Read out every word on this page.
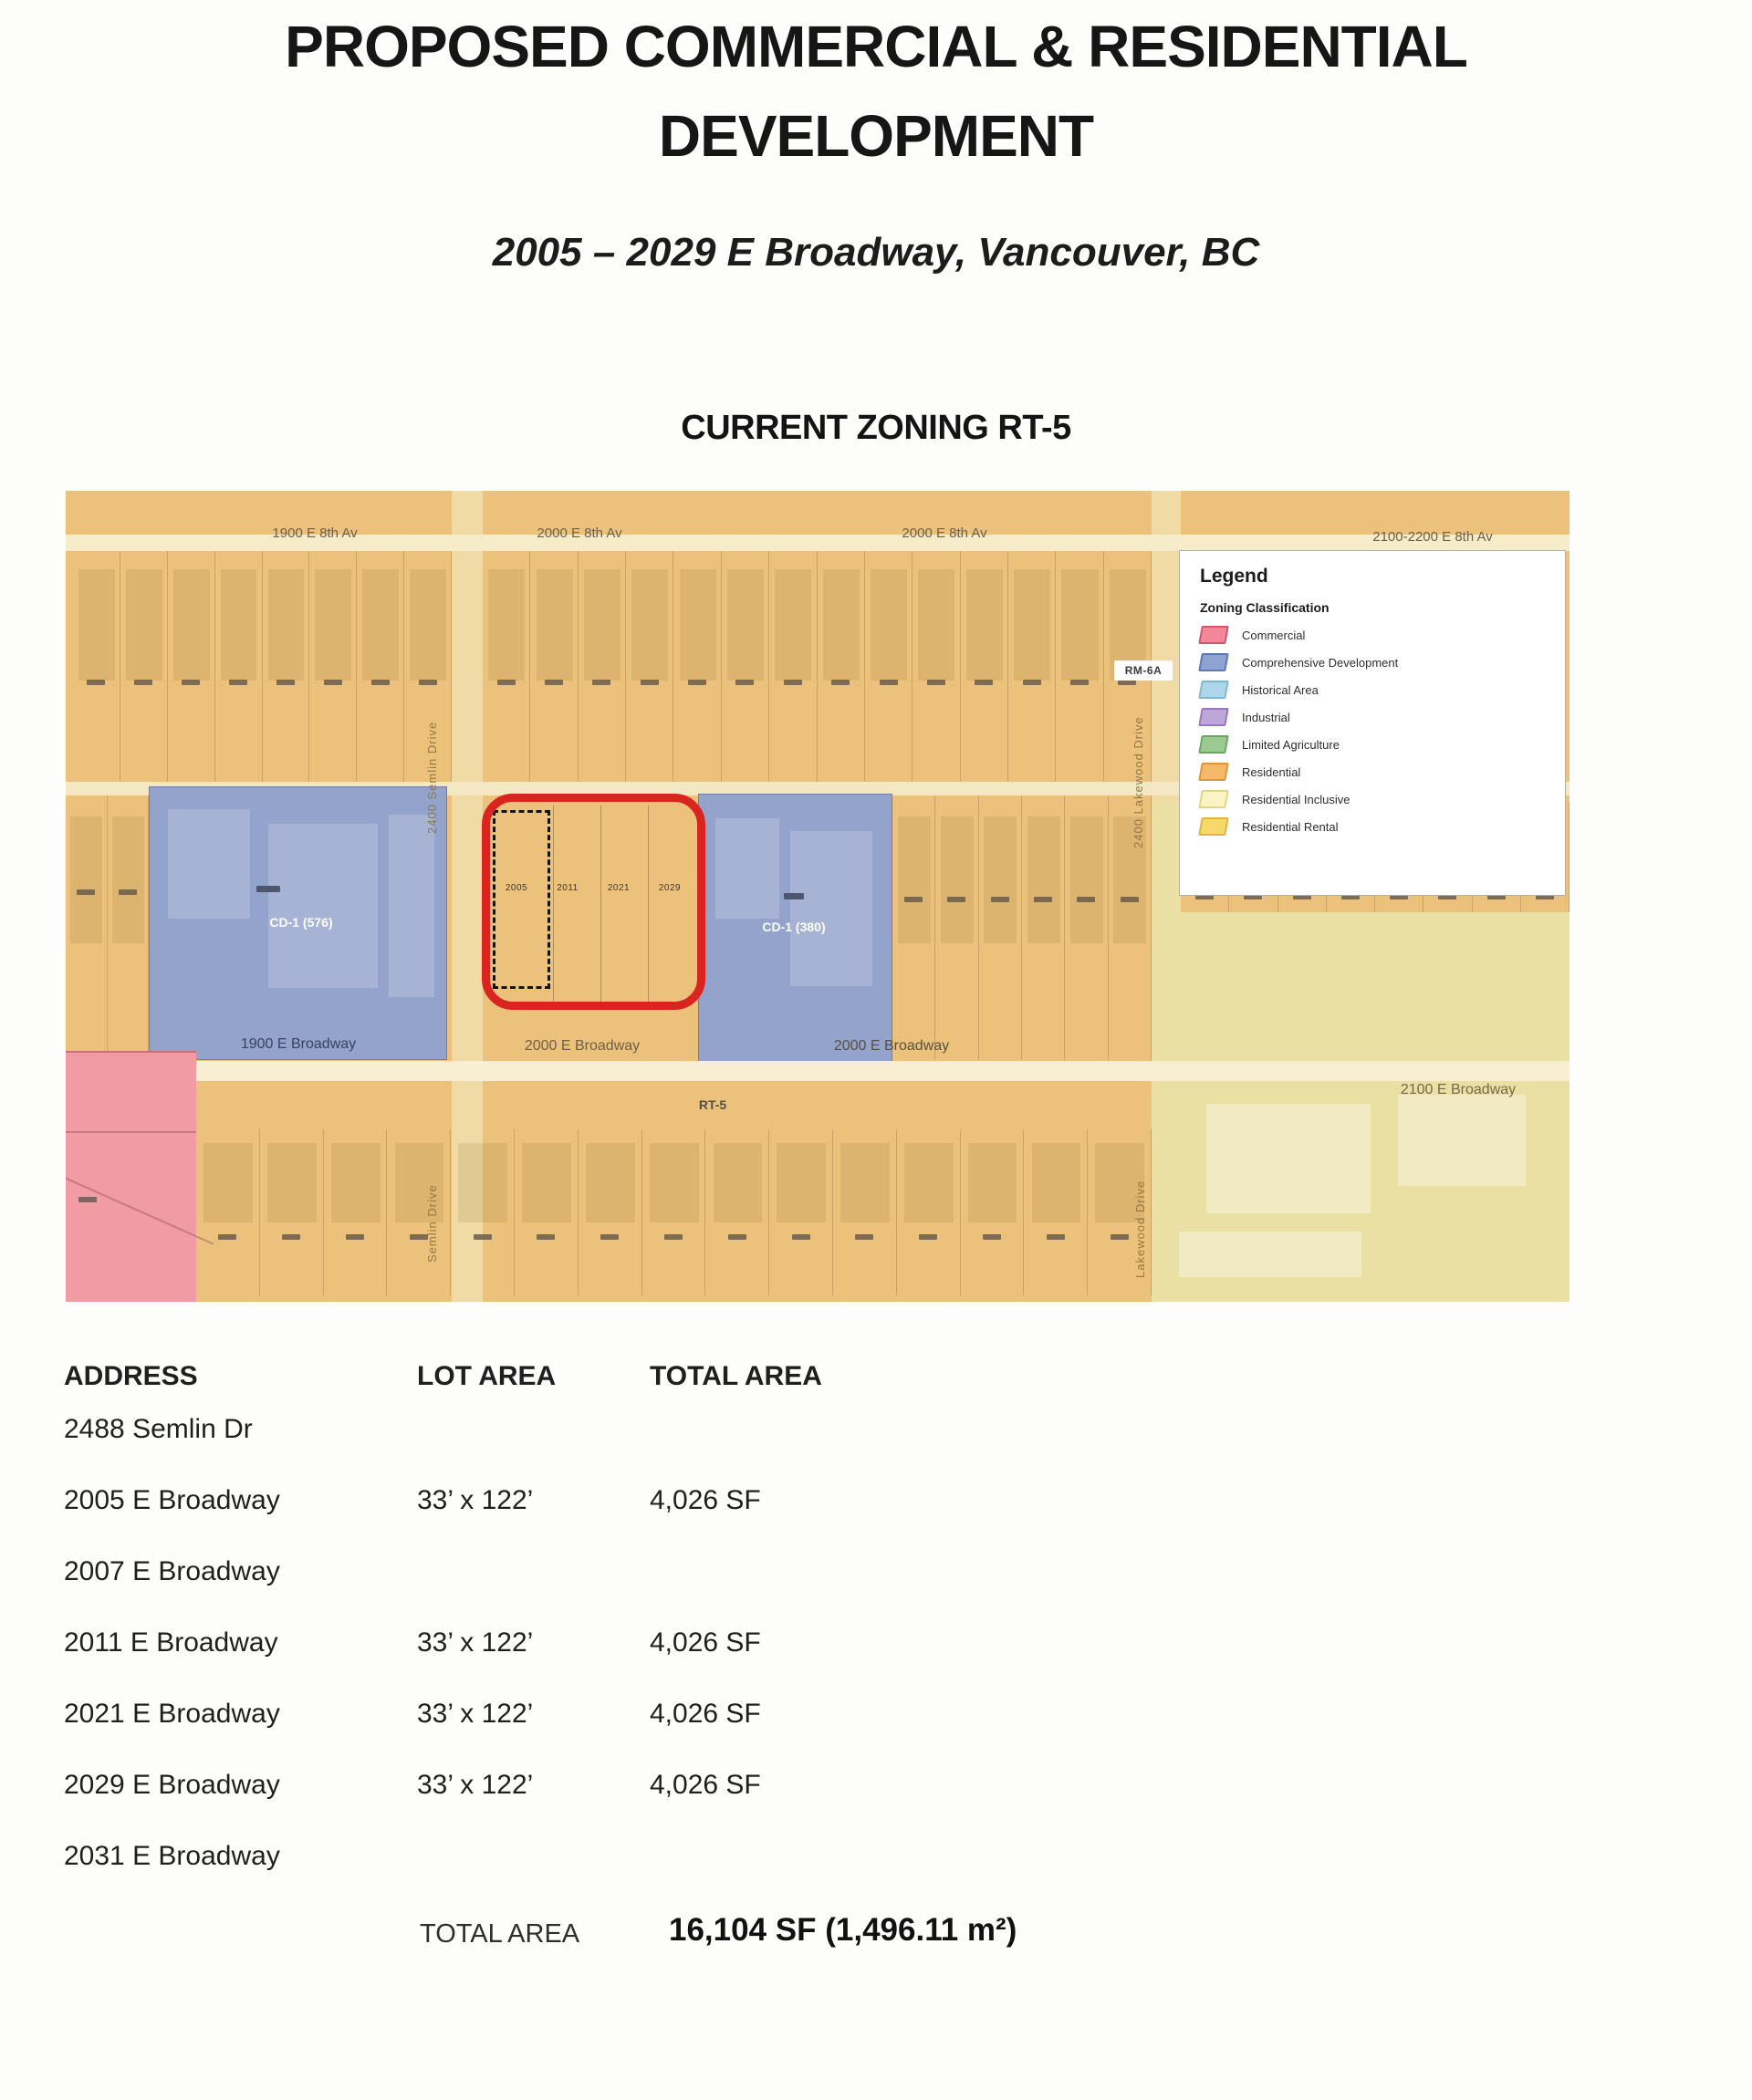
PROPOSED COMMERCIAL & RESIDENTIAL
DEVELOPMENT
2005 – 2029 E Broadway, Vancouver, BC
CURRENT ZONING RT-5
2005	2011	2021	2029
CD-1 (576)	CD-1 (380)
RT-5
RM-6A
1900 E 8th Av	2000 E 8th Av	2000 E 8th Av	2100-2200 E 8th Av
1900 E Broadway	2000 E Broadway	2000 E Broadway
2100 E Broadway
2400 Semlin Drive	2400 Lakewood Drive
Semlin Drive	Lakewood Drive
Legend
Zoning Classification
Commercial
Comprehensive Development
Historical Area
Industrial
Limited Agriculture
Residential
Residential Inclusive
Residential Rental
ADDRESS	LOT AREA	TOTAL AREA
2488 Semlin Dr
2005 E Broadway	33’ x 122’	4,026 SF
2007 E Broadway
2011 E Broadway	33’ x 122’	4,026 SF
2021 E Broadway	33’ x 122’	4,026 SF
2029 E Broadway	33’ x 122’	4,026 SF
2031 E Broadway
TOTAL AREA	16,104 SF (1,496.11 m²)
